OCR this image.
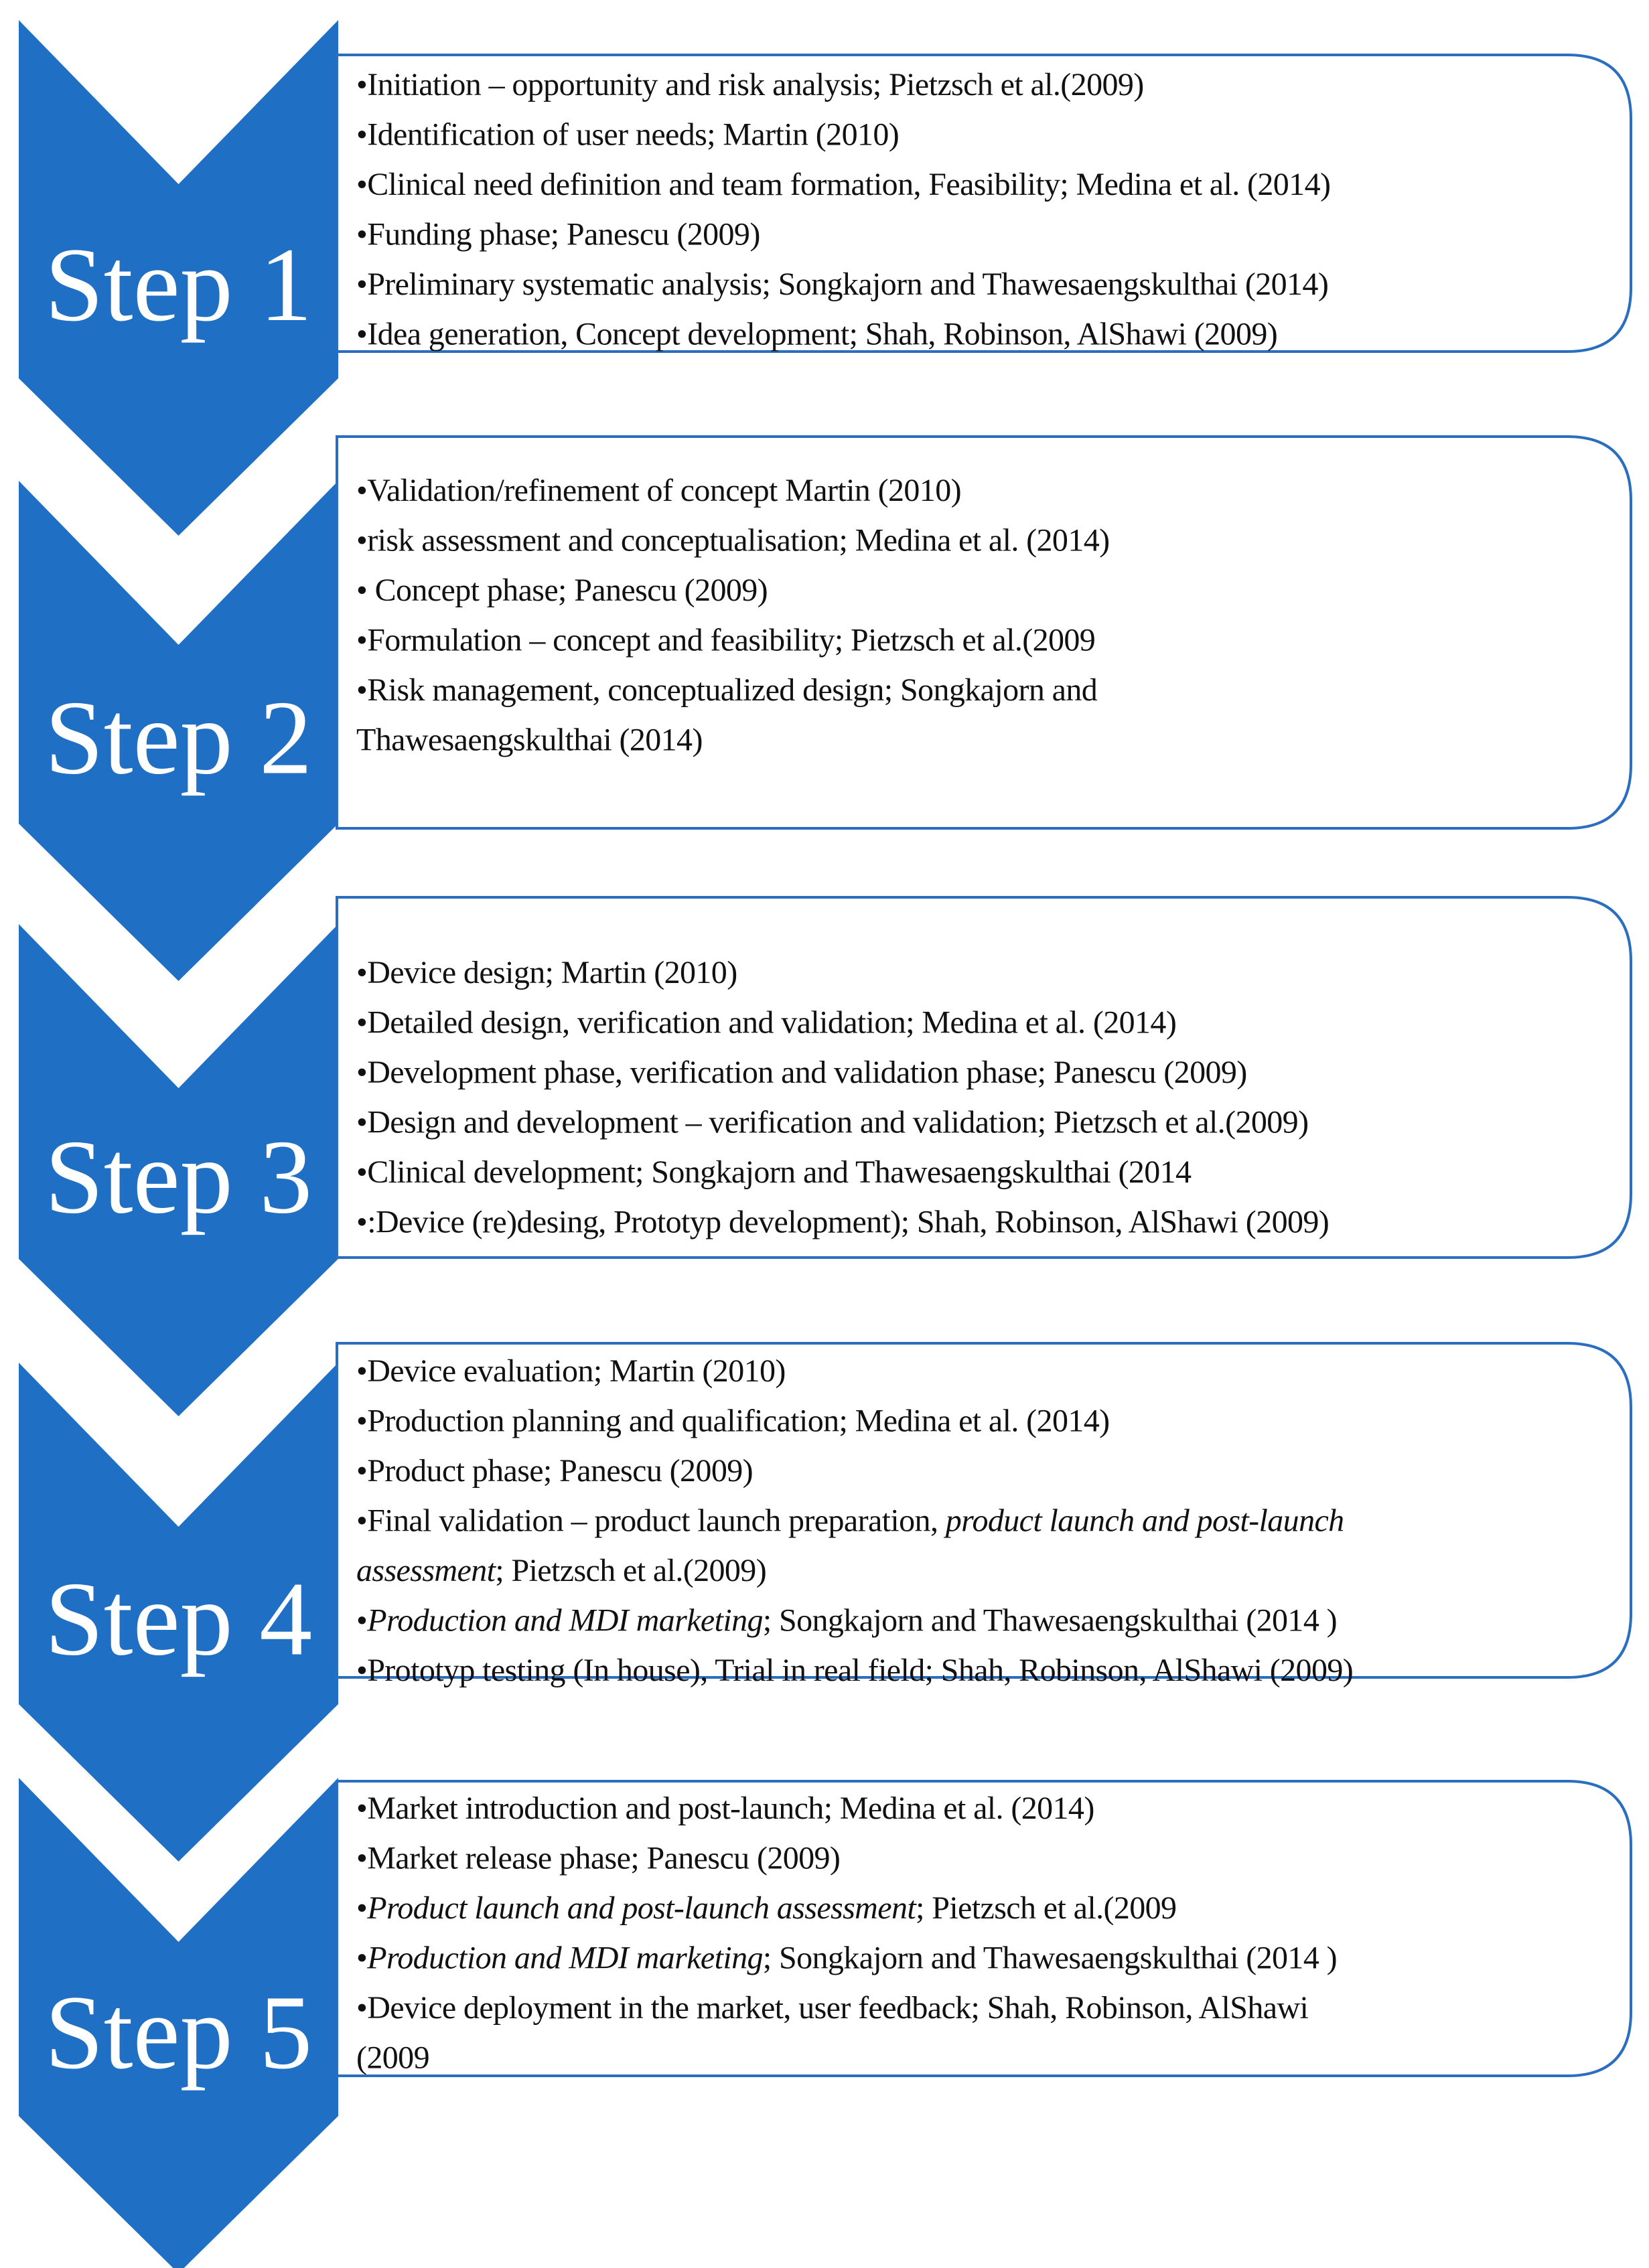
Step 1
Step 2
Step 3
Step 4
Step 5
•Initiation – opportunity and risk analysis; Pietzsch et al.(2009)
•Identification of user needs; Martin (2010)
•Clinical need definition and team formation, Feasibility; Medina et al. (2014)
•Funding phase; Panescu (2009)
•Preliminary systematic analysis; Songkajorn and Thawesaengskulthai (2014)
•Idea generation, Concept development; Shah, Robinson, AlShawi (2009)
•Validation/refinement of concept Martin (2010)
•risk assessment and conceptualisation; Medina et al. (2014)
• Concept phase; Panescu (2009)
•Formulation – concept and feasibility; Pietzsch et al.(2009
•Risk management, conceptualized design; Songkajorn and
Thawesaengskulthai (2014)
•Device design; Martin (2010)
•Detailed design, verification and validation; Medina et al. (2014)
•Development phase, verification and validation phase; Panescu (2009)
•Design and development – verification and validation; Pietzsch et al.(2009)
•Clinical development; Songkajorn and Thawesaengskulthai (2014
•:Device (re)desing, Prototyp development); Shah, Robinson, AlShawi (2009)
•Device evaluation; Martin (2010)
•Production planning and qualification; Medina et al. (2014)
•Product phase; Panescu (2009)
•Final validation – product launch preparation, product launch and post-launch
assessment; Pietzsch et al.(2009)
•Production and MDI marketing; Songkajorn and Thawesaengskulthai (2014 )
•Prototyp testing (In house), Trial in real field; Shah, Robinson, AlShawi (2009)
•Market introduction and post-launch; Medina et al. (2014)
•Market release phase; Panescu (2009)
•Product launch and post-launch assessment; Pietzsch et al.(2009
•Production and MDI marketing; Songkajorn and Thawesaengskulthai (2014 )
•Device deployment in the market, user feedback; Shah, Robinson, AlShawi
(2009
